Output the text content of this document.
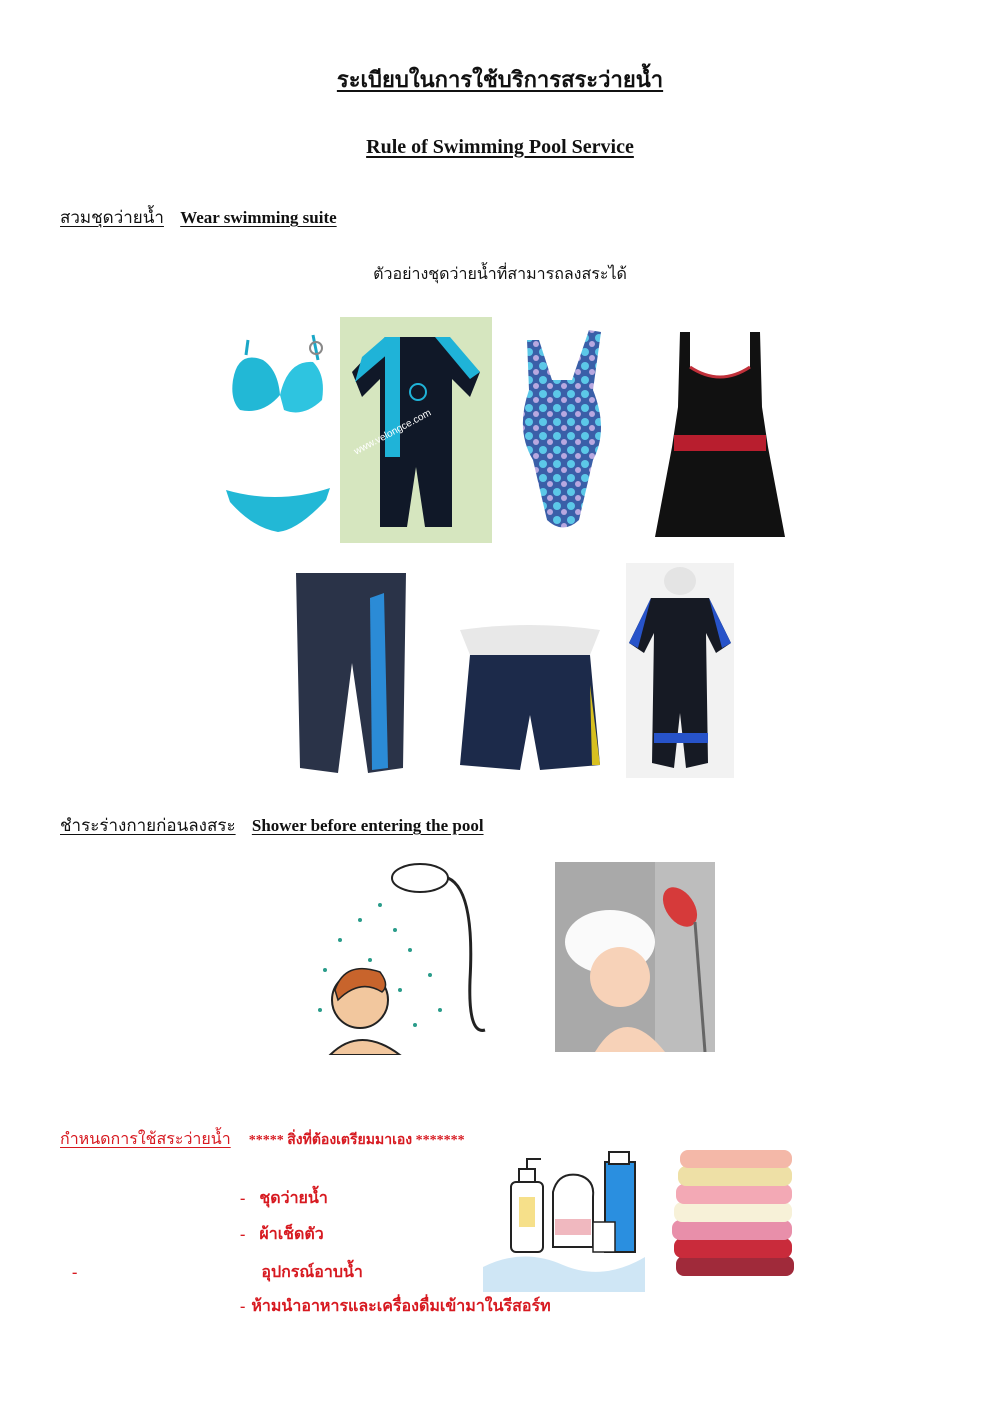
ระเบียบในการใช้บริการสระว่ายน้ำ
Rule of Swimming Pool Service
สวมชุดว่ายน้ำ Wear swimming suite
ตัวอย่างชุดว่ายน้ำที่สามารถลงสระได้
www.velongce.com
ชำระร่างกายก่อนลงสระ Shower before entering the pool
กำหนดการใช้สระว่ายน้ำ ***** สิ่งที่ต้องเตรียมมาเอง *******
- ชุดว่ายน้ำ
- ผ้าเช็ดตัว
-	อุปกรณ์อาบน้ำ
- ห้ามนำอาหารและเครื่องดื่มเข้ามาในรีสอร์ท
